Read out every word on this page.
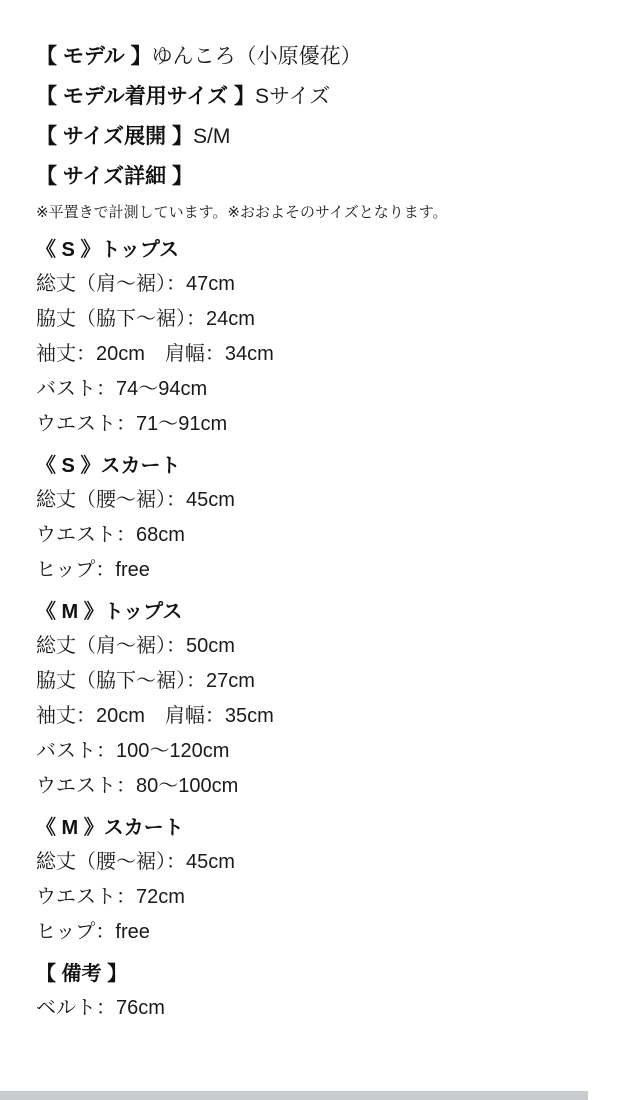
【 モデル 】ゆんころ（小原優花）
【 モデル着用サイズ 】Sサイズ
【 サイズ展開 】S/M
【 サイズ詳細 】
※平置きで計測しています。※おおよそのサイズとなります。
《 S 》トップス
総丈（肩～裾）：47cm
脇丈（脇下～裾）：24cm
袖丈：20cm　肩幅：34cm
バスト：74～94cm
ウエスト：71～91cm
《 S 》スカート
総丈（腰～裾）：45cm
ウエスト：68cm
ヒップ：free
《 M 》トップス
総丈（肩～裾）：50cm
脇丈（脇下～裾）：27cm
袖丈：20cm　肩幅：35cm
バスト：100～120cm
ウエスト：80～100cm
《 M 》スカート
総丈（腰～裾）：45cm
ウエスト：72cm
ヒップ：free
【 備考 】
ベルト：76cm
